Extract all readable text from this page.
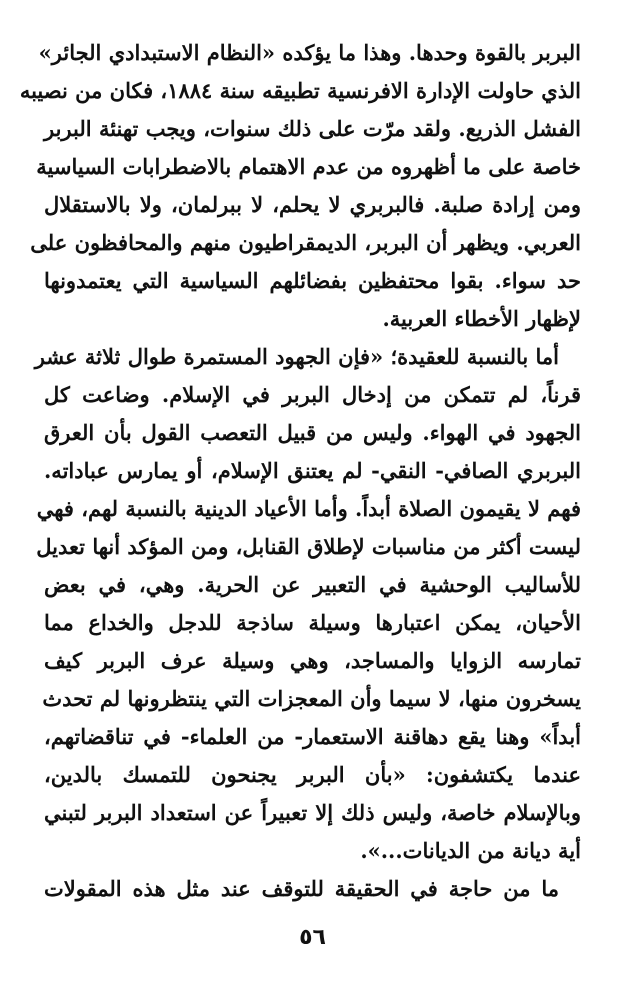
البربر بالقوة وحدها. وهذا ما يؤكده «النظام الاستبدادي الجائر»
الذي حاولت الإدارة الافرنسية تطبيقه سنة ١٨٨٤، فكان من نصيبه
الفشل الذريع. ولقد مرّت على ذلك سنوات، ويجب تهنئة البربر
خاصة على ما أظهروه من عدم الاهتمام بالاضطرابات السياسية
ومن إرادة صلبة. فالبربري لا يحلم، لا ببرلمان، ولا بالاستقلال
العربي. ويظهر أن البربر، الديمقراطيون منهم والمحافظون على
حد سواء. بقوا محتفظين بفضائلهم السياسية التي يعتمدونها
لإظهار الأخطاء العربية.
أما بالنسبة للعقيدة؛ «فإن الجهود المستمرة طوال ثلاثة عشر
قرناً، لم تتمكن من إدخال البربر في الإسلام. وضاعت كل
الجهود في الهواء. وليس من قبيل التعصب القول بأن العرق
البربري الصافي- النقي- لم يعتنق الإسلام، أو يمارس عباداته.
فهم لا يقيمون الصلاة أبداً. وأما الأعياد الدينية بالنسبة لهم، فهي
ليست أكثر من مناسبات لإطلاق القنابل، ومن المؤكد أنها تعديل
للأساليب الوحشية في التعبير عن الحرية. وهي، في بعض
الأحيان، يمكن اعتبارها وسيلة ساذجة للدجل والخداع مما
تمارسه الزوايا والمساجد، وهي وسيلة عرف البربر كيف
يسخرون منها، لا سيما وأن المعجزات التي ينتظرونها لم تحدث
أبداً» وهنا يقع دهاقنة الاستعمار- من العلماء- في تناقضاتهم،
عندما يكتشفون: «بأن البربر يجنحون للتمسك بالدين،
وبالإسلام خاصة، وليس ذلك إلا تعبيراً عن استعداد البربر لتبني
أية ديانة من الديانات...».
ما من حاجة في الحقيقة للتوقف عند مثل هذه المقولات
٥٦
